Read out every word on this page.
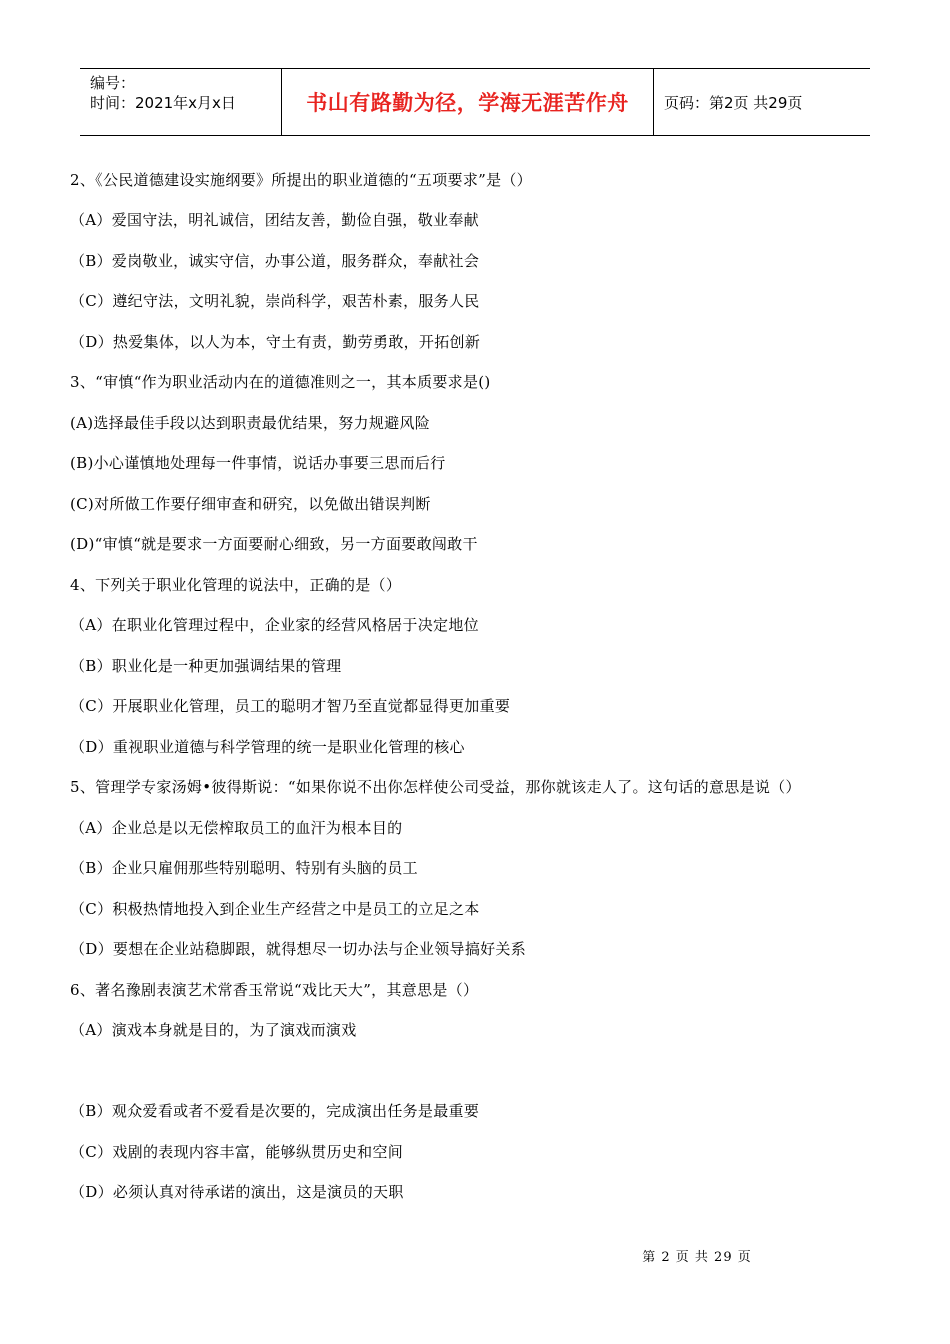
编号：
时间：2021年x月x日	书山有路勤为径，学海无涯苦作舟 页码：第2页 共29页

2、《公民道德建设实施纲要》所提出的职业道德的“五项要求”是（）

（A）爱国守法，明礼诚信，团结友善，勤俭自强，敬业奉献

（B）爱岗敬业，诚实守信，办事公道，服务群众，奉献社会

（C）遵纪守法，文明礼貌，崇尚科学，艰苦朴素，服务人民

（D）热爱集体，以人为本，守土有责，勤劳勇敢，开拓创新

3、“审慎“作为职业活动内在的道德准则之一，其本质要求是()

(A)选择最佳手段以达到职责最优结果，努力规避风险

(B)小心谨慎地处理每一件事情，说话办事要三思而后行

(C)对所做工作要仔细审查和研究，以免做出错误判断

(D)“审慎“就是要求一方面要耐心细致，另一方面要敢闯敢干

4、下列关于职业化管理的说法中，正确的是（）

（A）在职业化管理过程中，企业家的经营风格居于决定地位

（B）职业化是一种更加强调结果的管理

（C）开展职业化管理，员工的聪明才智乃至直觉都显得更加重要

（D）重视职业道德与科学管理的统一是职业化管理的核心

5、管理学专家汤姆•彼得斯说：“如果你说不出你怎样使公司受益，那你就该走人了。这句话的意思是说（）

（A）企业总是以无偿榨取员工的血汗为根本目的

（B）企业只雇佣那些特别聪明、特别有头脑的员工

（C）积极热情地投入到企业生产经营之中是员工的立足之本

（D）要想在企业站稳脚跟，就得想尽一切办法与企业领导搞好关系

6、著名豫剧表演艺术常香玉常说“戏比天大”，其意思是（）

（A）演戏本身就是目的，为了演戏而演戏

（B）观众爱看或者不爱看是次要的，完成演出任务是最重要

（C）戏剧的表现内容丰富，能够纵贯历史和空间

（D）必须认真对待承诺的演出，这是演员的天职

第 2 页 共 29 页
